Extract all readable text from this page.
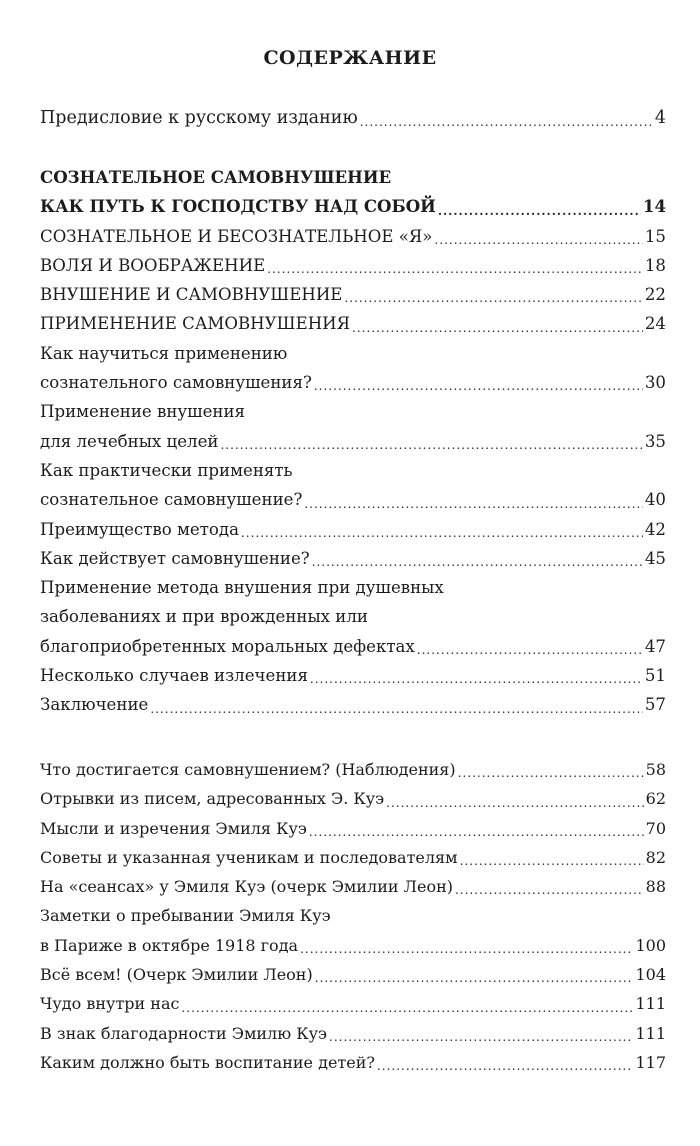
СОДЕРЖАНИЕ
Предисловие к русскому изданию .....	4
СОЗНАТЕЛЬНОЕ САМОВНУШЕНИЕ
КАК ПУТЬ К ГОСПОДСТВУ НАД СОБОЙ .....	14
СОЗНАТЕЛЬНОЕ И БЕСОЗНАТЕЛЬНОЕ «Я» .....	15
ВОЛЯ И ВООБРАЖЕНИЕ .....	18
ВНУШЕНИЕ И САМОВНУШЕНИЕ .....	22
ПРИМЕНЕНИЕ САМОВНУШЕНИЯ .....	24
Как научиться применению
сознательного самовнушения? .....	30
Применение внушения
для лечебных целей .....	35
Как практически применять
сознательное самовнушение? .....	40
Преимущество метода .....	42
Как действует самовнушение? .....	45
Применение метода внушения при душевных
заболеваниях и при врожденных или
благоприобретенных моральных дефектах .....	47
Несколько случаев излечения .....	51
Заключение .....	57
Что достигается самовнушением? (Наблюдения) .....	58
Отрывки из писем, адресованных Э. Куэ .....	62
Мысли и изречения Эмиля Куэ .....	70
Советы и указанная ученикам и последователям .....	82
На «сеансах» у Эмиля Куэ (очерк Эмилии Леон) .....	88
Заметки о пребывании Эмиля Куэ
в Париже в октябре 1918 года .....	100
Всё всем! (Очерк Эмилии Леон) .....	104
Чудо внутри нас .....	111
В знак благодарности Эмилю Куэ .....	111
Каким должно быть воспитание детей? .....	117
